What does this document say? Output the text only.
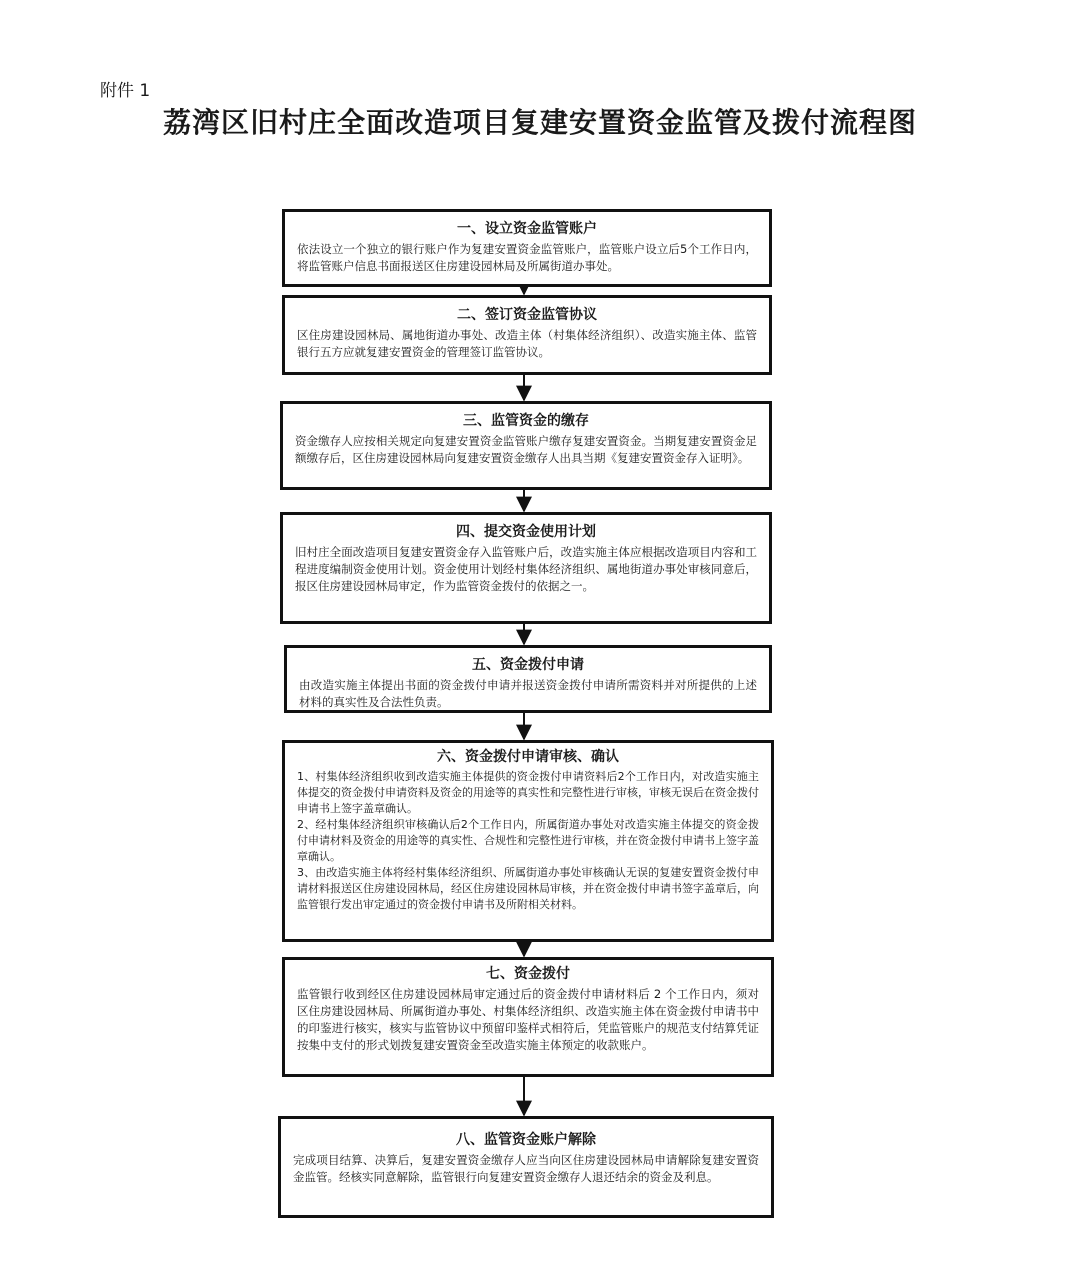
附件 1
荔湾区旧村庄全面改造项目复建安置资金监管及拨付流程图
一、设立资金监管账户
依法设立一个独立的银行账户作为复建安置资金监管账户，监管账户设立后5个工作日内，将监管账户信息书面报送区住房建设园林局及所属街道办事处。
二、签订资金监管协议
区住房建设园林局、属地街道办事处、改造主体（村集体经济组织）、改造实施主体、监管银行五方应就复建安置资金的管理签订监管协议。
三、监管资金的缴存
资金缴存人应按相关规定向复建安置资金监管账户缴存复建安置资金。当期复建安置资金足额缴存后，区住房建设园林局向复建安置资金缴存人出具当期《复建安置资金存入证明》。
四、提交资金使用计划
旧村庄全面改造项目复建安置资金存入监管账户后，改造实施主体应根据改造项目内容和工程进度编制资金使用计划。资金使用计划经村集体经济组织、属地街道办事处审核同意后，报区住房建设园林局审定，作为监管资金拨付的依据之一。
五、资金拨付申请
由改造实施主体提出书面的资金拨付申请并报送资金拨付申请所需资料并对所提供的上述材料的真实性及合法性负责。
六、资金拨付申请审核、确认
1、村集体经济组织收到改造实施主体提供的资金拨付申请资料后2个工作日内，对改造实施主体提交的资金拨付申请资料及资金的用途等的真实性和完整性进行审核，审核无误后在资金拨付申请书上签字盖章确认。
2、经村集体经济组织审核确认后2个工作日内，所属街道办事处对改造实施主体提交的资金拨付申请材料及资金的用途等的真实性、合规性和完整性进行审核，并在资金拨付申请书上签字盖章确认。
3、由改造实施主体将经村集体经济组织、所属街道办事处审核确认无误的复建安置资金拨付申请材料报送区住房建设园林局，经区住房建设园林局审核，并在资金拨付申请书签字盖章后，向监管银行发出审定通过的资金拨付申请书及所附相关材料。
七、资金拨付
监管银行收到经区住房建设园林局审定通过后的资金拨付申请材料后 2 个工作日内，须对区住房建设园林局、所属街道办事处、村集体经济组织、改造实施主体在资金拨付申请书中的印鉴进行核实，核实与监管协议中预留印鉴样式相符后，凭监管账户的规范支付结算凭证按集中支付的形式划拨复建安置资金至改造实施主体预定的收款账户。
八、监管资金账户解除
完成项目结算、决算后，复建安置资金缴存人应当向区住房建设园林局申请解除复建安置资金监管。经核实同意解除，监管银行向复建安置资金缴存人退还结余的资金及利息。
